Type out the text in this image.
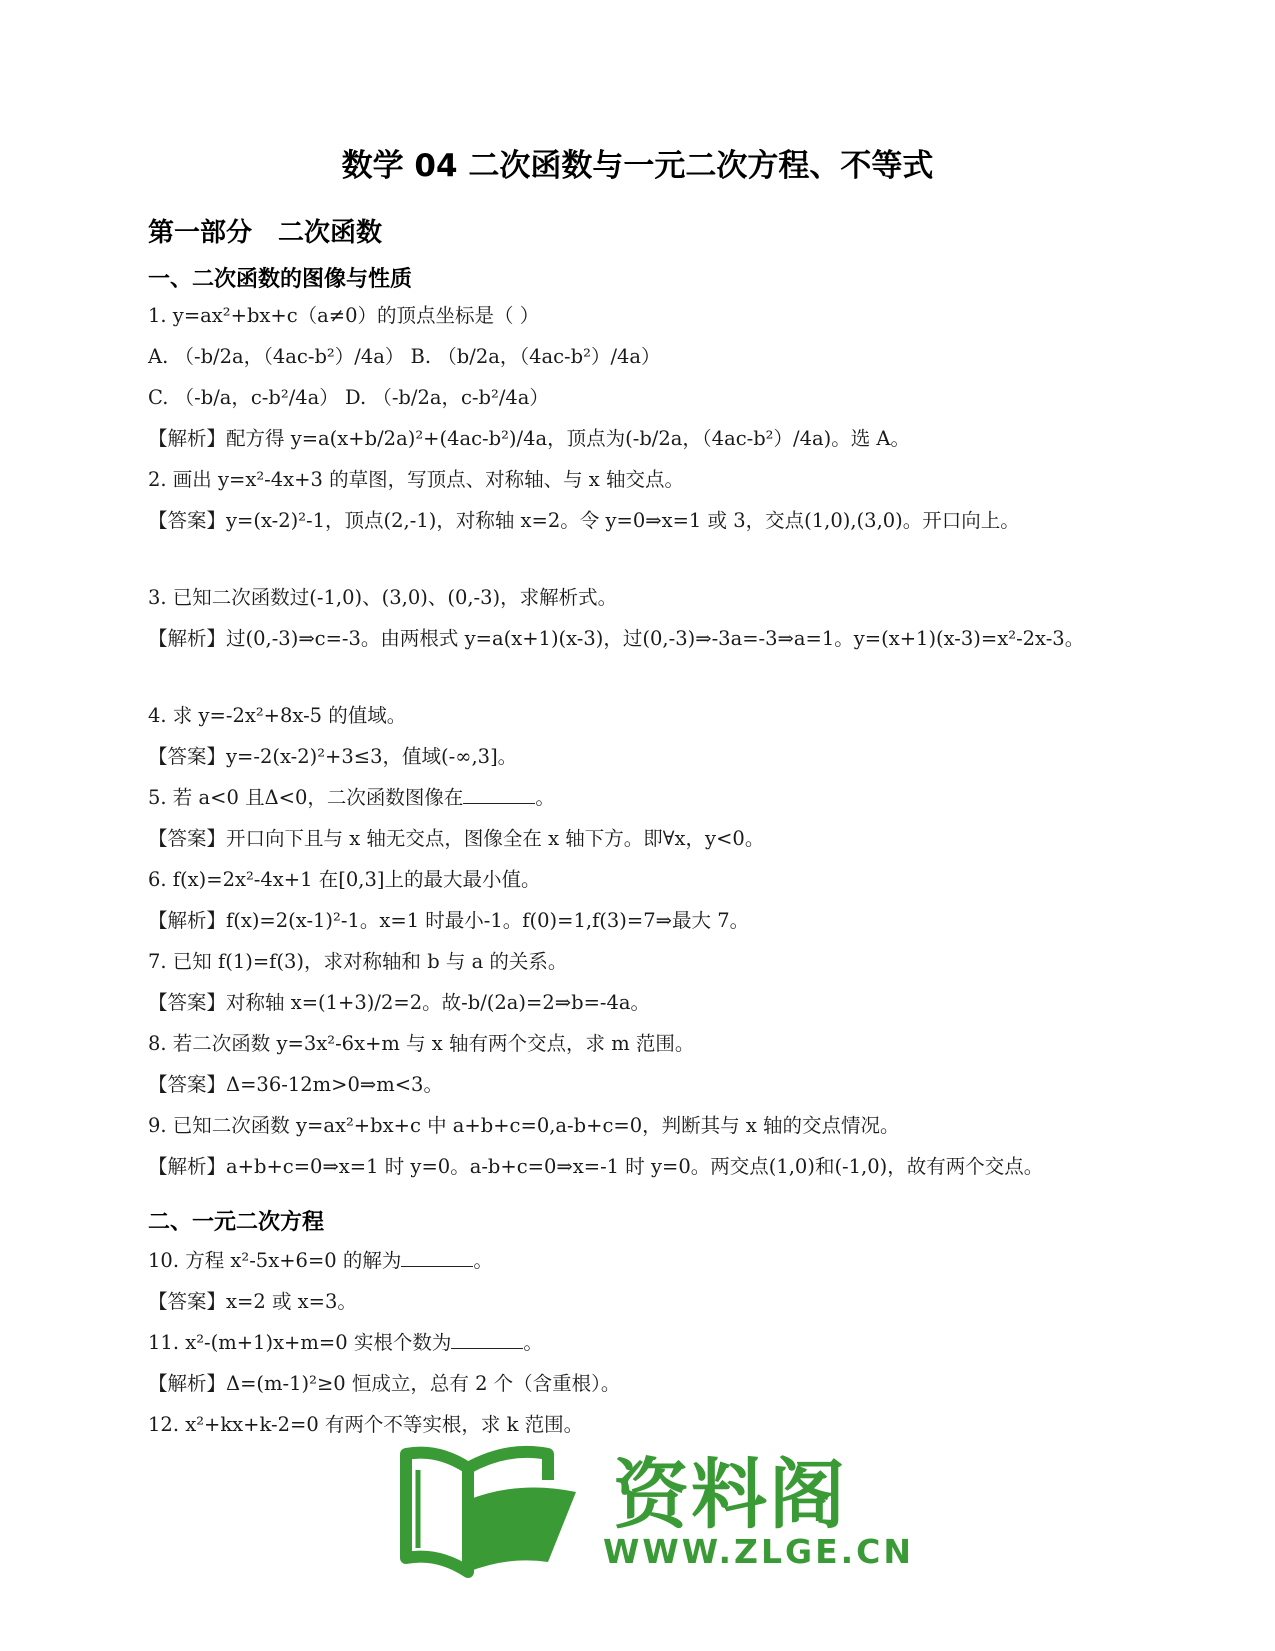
数学 04 二次函数与一元二次方程、不等式
第一部分　二次函数
一、二次函数的图像与性质
1. y=ax²+bx+c（a≠0）的顶点坐标是（ ）
A. （-b/2a，（4ac-b²）/4a） B. （b/2a，（4ac-b²）/4a）
C. （-b/a，c-b²/4a） D. （-b/2a，c-b²/4a）
【解析】配方得 y=a(x+b/2a)²+(4ac-b²)/4a，顶点为(-b/2a，（4ac-b²）/4a)。选 A。
2. 画出 y=x²-4x+3 的草图，写顶点、对称轴、与 x 轴交点。
【答案】y=(x-2)²-1，顶点(2,-1)，对称轴 x=2。令 y=0⇒x=1 或 3，交点(1,0),(3,0)。开口向上。
3. 已知二次函数过(-1,0)、(3,0)、(0,-3)，求解析式。
【解析】过(0,-3)⇒c=-3。由两根式 y=a(x+1)(x-3)，过(0,-3)⇒-3a=-3⇒a=1。y=(x+1)(x-3)=x²-2x-3。
4. 求 y=-2x²+8x-5 的值域。
【答案】y=-2(x-2)²+3≤3，值域(-∞,3]。
5. 若 a<0 且Δ<0，二次函数图像在	。
【答案】开口向下且与 x 轴无交点，图像全在 x 轴下方。即∀x，y<0。
6. f(x)=2x²-4x+1 在[0,3]上的最大最小值。
【解析】f(x)=2(x-1)²-1。x=1 时最小-1。f(0)=1,f(3)=7⇒最大 7。
7. 已知 f(1)=f(3)，求对称轴和 b 与 a 的关系。
【答案】对称轴 x=(1+3)/2=2。故-b/(2a)=2⇒b=-4a。
8. 若二次函数 y=3x²-6x+m 与 x 轴有两个交点，求 m 范围。
【答案】Δ=36-12m>0⇒m<3。
9. 已知二次函数 y=ax²+bx+c 中 a+b+c=0,a-b+c=0，判断其与 x 轴的交点情况。
【解析】a+b+c=0⇒x=1 时 y=0。a-b+c=0⇒x=-1 时 y=0。两交点(1,0)和(-1,0)，故有两个交点。
二、一元二次方程
10. 方程 x²-5x+6=0 的解为	。
【答案】x=2 或 x=3。
11. x²-(m+1)x+m=0 实根个数为	。
【解析】Δ=(m-1)²≥0 恒成立，总有 2 个（含重根）。
12. x²+kx+k-2=0 有两个不等实根，求 k 范围。
资料阁
WWW.ZLGE.CN
